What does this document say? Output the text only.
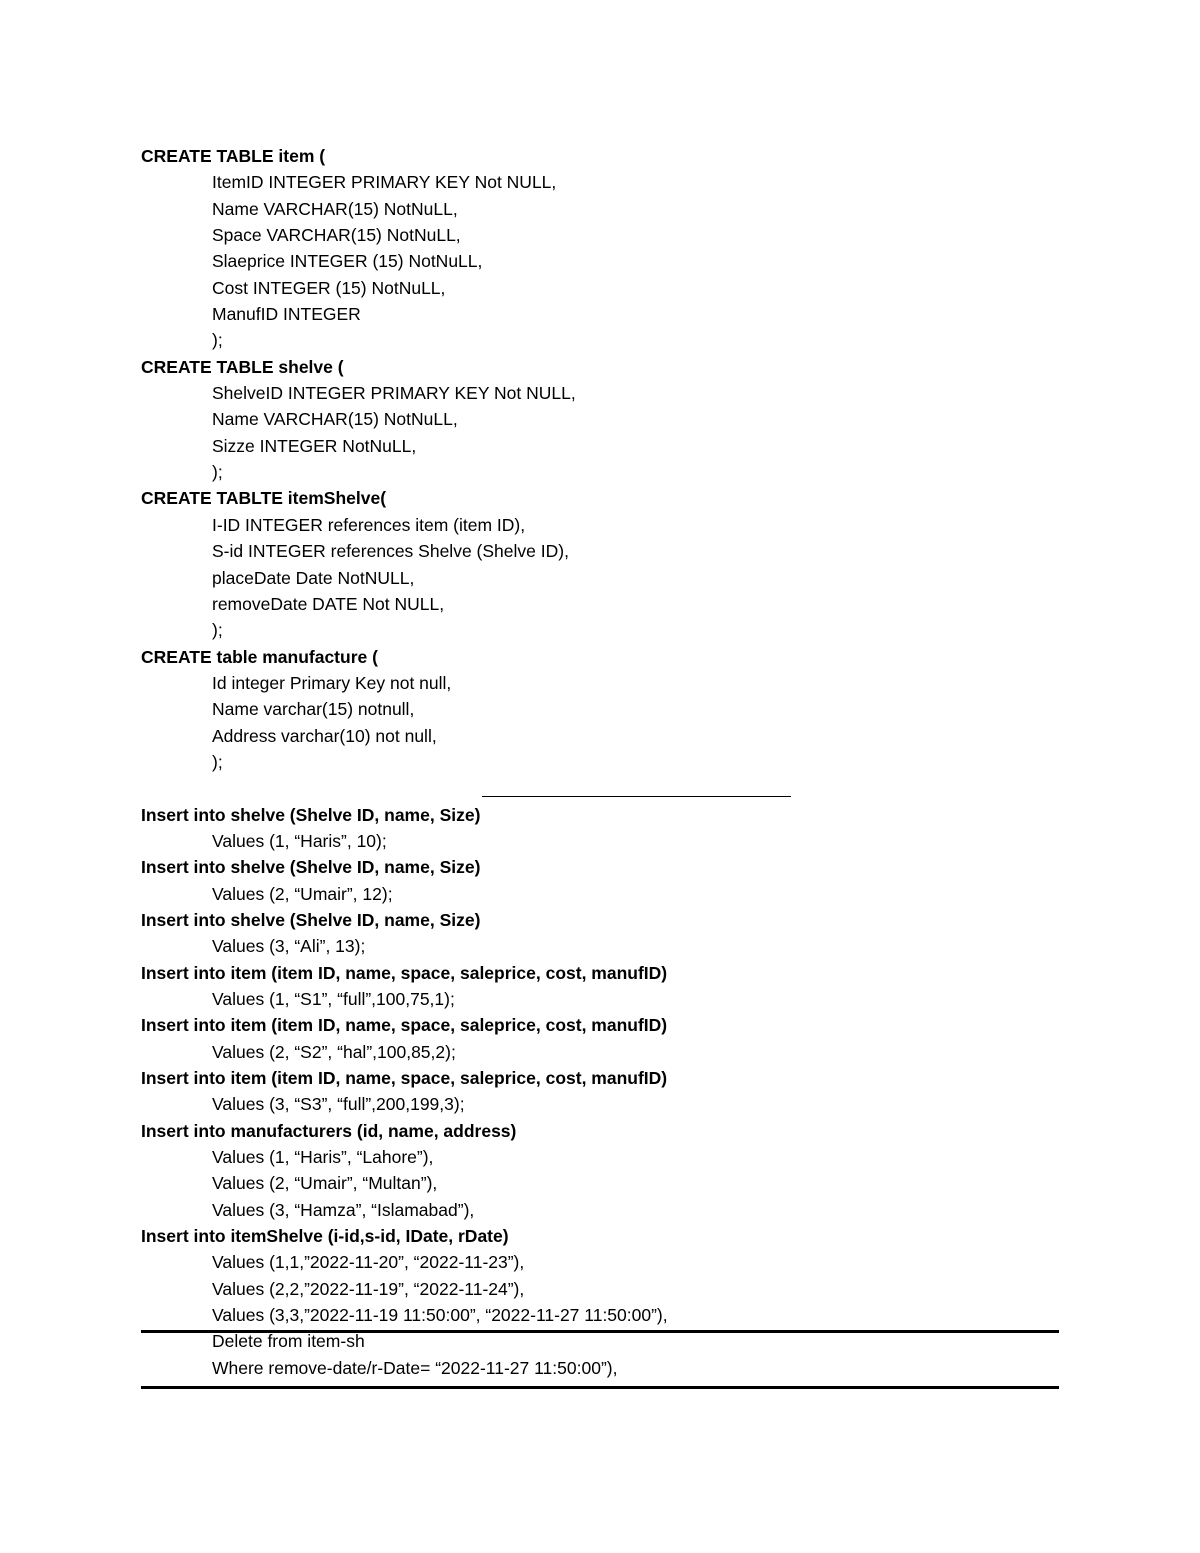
CREATE TABLE item (
ItemID INTEGER PRIMARY KEY Not NULL,
Name VARCHAR(15) NotNuLL,
Space VARCHAR(15) NotNuLL,
Slaeprice INTEGER (15) NotNuLL,
Cost INTEGER (15) NotNuLL,
ManufID INTEGER
);
CREATE TABLE shelve (
ShelveID INTEGER PRIMARY KEY Not NULL,
Name VARCHAR(15) NotNuLL,
Sizze INTEGER NotNuLL,
);
CREATE TABLTE itemShelve(
I-ID INTEGER references item (item ID),
S-id INTEGER references Shelve (Shelve ID),
placeDate Date NotNULL,
removeDate DATE Not NULL,
);
CREATE table manufacture (
Id integer Primary Key not null,
Name varchar(15) notnull,
Address varchar(10) not null,
);
Insert into shelve (Shelve ID, name, Size)
Values (1, “Haris”, 10);
Insert into shelve (Shelve ID, name, Size)
Values (2, “Umair”, 12);
Insert into shelve (Shelve ID, name, Size)
Values (3, “Ali”, 13);
Insert into item (item ID, name, space, saleprice, cost, manufID)
Values (1, “S1”, “full”,100,75,1);
Insert into item (item ID, name, space, saleprice, cost, manufID)
Values (2, “S2”, “hal”,100,85,2);
Insert into item (item ID, name, space, saleprice, cost, manufID)
Values (3, “S3”, “full”,200,199,3);
Insert into manufacturers (id, name, address)
Values (1, “Haris”, “Lahore”),
Values (2, “Umair”, “Multan”),
Values (3, “Hamza”, “Islamabad”),
Insert into itemShelve (i-id,s-id, IDate, rDate)
Values (1,1,”2022-11-20”, “2022-11-23”),
Values (2,2,”2022-11-19”, “2022-11-24”),
Values (3,3,”2022-11-19 11:50:00”, “2022-11-27 11:50:00”),
Delete from item-sh
Where remove-date/r-Date= “2022-11-27 11:50:00”),
